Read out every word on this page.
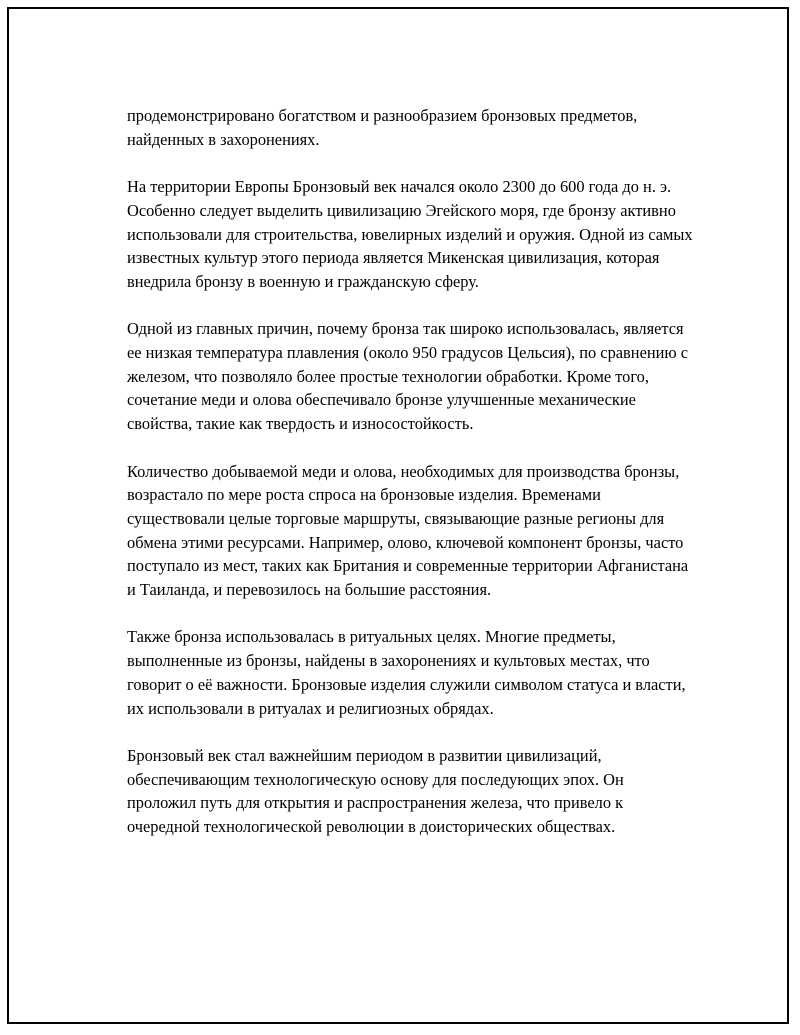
продемонстрировано богатством и разнообразием бронзовых предметов, найденных в захоронениях.

На территории Европы Бронзовый век начался около 2300 до 600 года до н. э. Особенно следует выделить цивилизацию Эгейского моря, где бронзу активно использовали для строительства, ювелирных изделий и оружия. Одной из самых известных культур этого периода является Микенская цивилизация, которая внедрила бронзу в военную и гражданскую сферу.

Одной из главных причин, почему бронза так широко использовалась, является ее низкая температура плавления (около 950 градусов Цельсия), по сравнению с железом, что позволяло более простые технологии обработки. Кроме того, сочетание меди и олова обеспечивало бронзе улучшенные механические свойства, такие как твердость и износостойкость.

Количество добываемой меди и олова, необходимых для производства бронзы, возрастало по мере роста спроса на бронзовые изделия. Временами существовали целые торговые маршруты, связывающие разные регионы для обмена этими ресурсами. Например, олово, ключевой компонент бронзы, часто поступало из мест, таких как Британия и современные территории Афганистана и Таиланда, и перевозилось на большие расстояния.

Также бронза использовалась в ритуальных целях. Многие предметы, выполненные из бронзы, найдены в захоронениях и культовых местах, что говорит о её важности. Бронзовые изделия служили символом статуса и власти, их использовали в ритуалах и религиозных обрядах.

Бронзовый век стал важнейшим периодом в развитии цивилизаций, обеспечивающим технологическую основу для последующих эпох. Он проложил путь для открытия и распространения железа, что привело к очередной технологической революции в доисторических обществах.
